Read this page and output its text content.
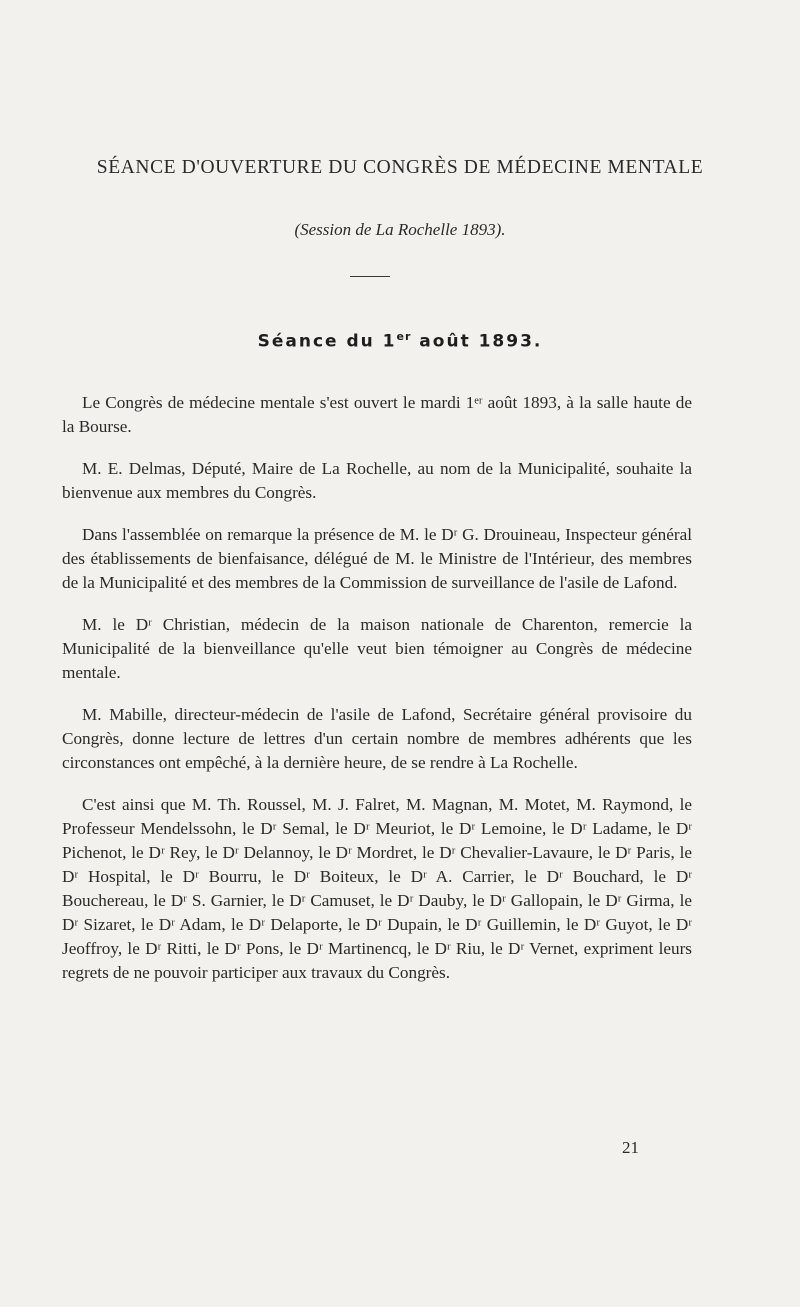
SÉANCE D'OUVERTURE DU CONGRÈS DE MÉDECINE MENTALE
(Session de La Rochelle 1893).
Séance du 1er août 1893.

Le Congrès de médecine mentale s'est ouvert le mardi 1ᵉʳ août 1893, à la salle haute de la Bourse.

M. E. Delmas, Député, Maire de La Rochelle, au nom de la Municipalité, souhaite la bienvenue aux membres du Congrès.

Dans l'assemblée on remarque la présence de M. le Dʳ G. Drouineau, Inspecteur général des établissements de bienfaisance, délégué de M. le Ministre de l'Intérieur, des membres de la Municipalité et des membres de la Commission de surveillance de l'asile de Lafond.

M. le Dʳ Christian, médecin de la maison nationale de Charenton, remercie la Municipalité de la bienveillance qu'elle veut bien témoigner au Congrès de médecine mentale.

M. Mabille, directeur-médecin de l'asile de Lafond, Secrétaire général provisoire du Congrès, donne lecture de lettres d'un certain nombre de membres adhérents que les circonstances ont empêché, à la dernière heure, de se rendre à La Rochelle.

C'est ainsi que M. Th. Roussel, M. J. Falret, M. Magnan, M. Motet, M. Raymond, le Professeur Mendelssohn, le Dʳ Semal, le Dʳ Meuriot, le Dʳ Lemoine, le Dʳ Ladame, le Dʳ Pichenot, le Dʳ Rey, le Dʳ Delannoy, le Dʳ Mordret, le Dʳ Chevalier-Lavaure, le Dʳ Paris, le Dʳ Hospital, le Dʳ Bourru, le Dʳ Boiteux, le Dʳ A. Carrier, le Dʳ Bouchard, le Dʳ Bouchereau, le Dʳ S. Garnier, le Dʳ Camuset, le Dʳ Dauby, le Dʳ Gallopain, le Dʳ Girma, le Dʳ Sizaret, le Dʳ Adam, le Dʳ Delaporte, le Dʳ Dupain, le Dʳ Guillemin, le Dʳ Guyot, le Dʳ Jeoffroy, le Dʳ Ritti, le Dʳ Pons, le Dʳ Martinencq, le Dʳ Riu, le Dʳ Vernet, expriment leurs regrets de ne pouvoir participer aux travaux du Congrès.

21
